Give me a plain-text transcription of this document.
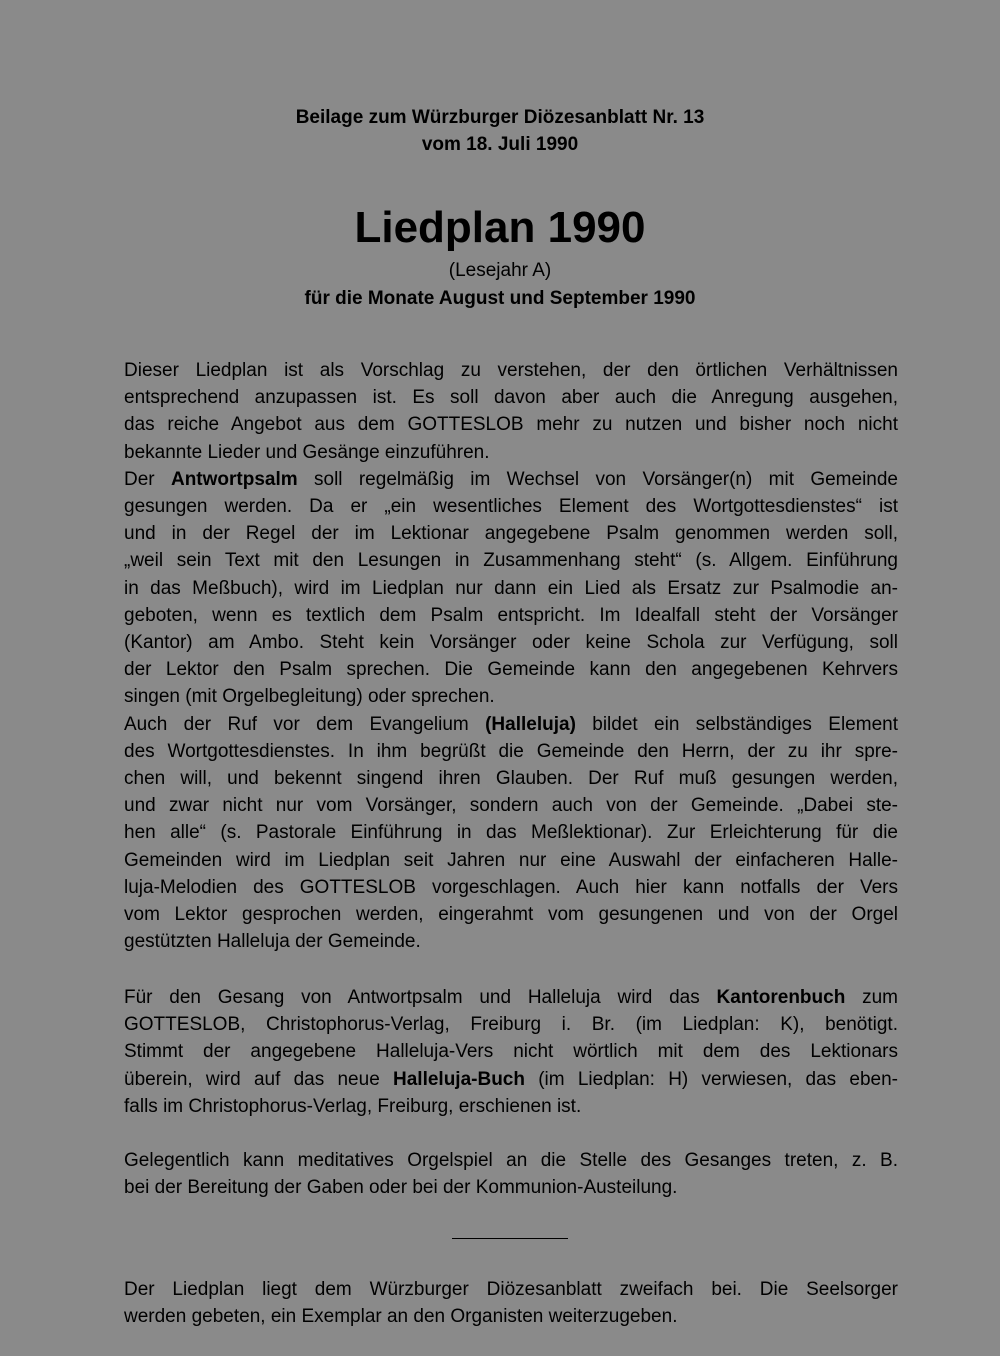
Beilage zum Würzburger Diözesanblatt Nr. 13
vom 18. Juli 1990
Liedplan 1990
(Lesejahr A)
für die Monate August und September 1990
Dieser Liedplan ist als Vorschlag zu verstehen, der den örtlichen Verhältnissen
entsprechend anzupassen ist. Es soll davon aber auch die Anregung ausgehen,
das reiche Angebot aus dem GOTTESLOB mehr zu nutzen und bisher noch nicht
bekannte Lieder und Gesänge einzuführen.
Der Antwortpsalm soll regelmäßig im Wechsel von Vorsänger(n) mit Gemeinde
gesungen werden. Da er „ein wesentliches Element des Wortgottesdienstes“ ist
und in der Regel der im Lektionar angegebene Psalm genommen werden soll,
„weil sein Text mit den Lesungen in Zusammenhang steht“ (s. Allgem. Einführung
in das Meßbuch), wird im Liedplan nur dann ein Lied als Ersatz zur Psalmodie an-
geboten, wenn es textlich dem Psalm entspricht. Im Idealfall steht der Vorsänger
(Kantor) am Ambo. Steht kein Vorsänger oder keine Schola zur Verfügung, soll
der Lektor den Psalm sprechen. Die Gemeinde kann den angegebenen Kehrvers
singen (mit Orgelbegleitung) oder sprechen.
Auch der Ruf vor dem Evangelium (Halleluja) bildet ein selbständiges Element
des Wortgottesdienstes. In ihm begrüßt die Gemeinde den Herrn, der zu ihr spre-
chen will, und bekennt singend ihren Glauben. Der Ruf muß gesungen werden,
und zwar nicht nur vom Vorsänger, sondern auch von der Gemeinde. „Dabei ste-
hen alle“ (s. Pastorale Einführung in das Meßlektionar). Zur Erleichterung für die
Gemeinden wird im Liedplan seit Jahren nur eine Auswahl der einfacheren Halle-
luja-Melodien des GOTTESLOB vorgeschlagen. Auch hier kann notfalls der Vers
vom Lektor gesprochen werden, eingerahmt vom gesungenen und von der Orgel
gestützten Halleluja der Gemeinde.
Für den Gesang von Antwortpsalm und Halleluja wird das Kantorenbuch zum
GOTTESLOB, Christophorus-Verlag, Freiburg i. Br. (im Liedplan: K), benötigt.
Stimmt der angegebene Halleluja-Vers nicht wörtlich mit dem des Lektionars
überein, wird auf das neue Halleluja-Buch (im Liedplan: H) verwiesen, das eben-
falls im Christophorus-Verlag, Freiburg, erschienen ist.
Gelegentlich kann meditatives Orgelspiel an die Stelle des Gesanges treten, z. B.
bei der Bereitung der Gaben oder bei der Kommunion-Austeilung.
Der Liedplan liegt dem Würzburger Diözesanblatt zweifach bei. Die Seelsorger
werden gebeten, ein Exemplar an den Organisten weiterzugeben.
